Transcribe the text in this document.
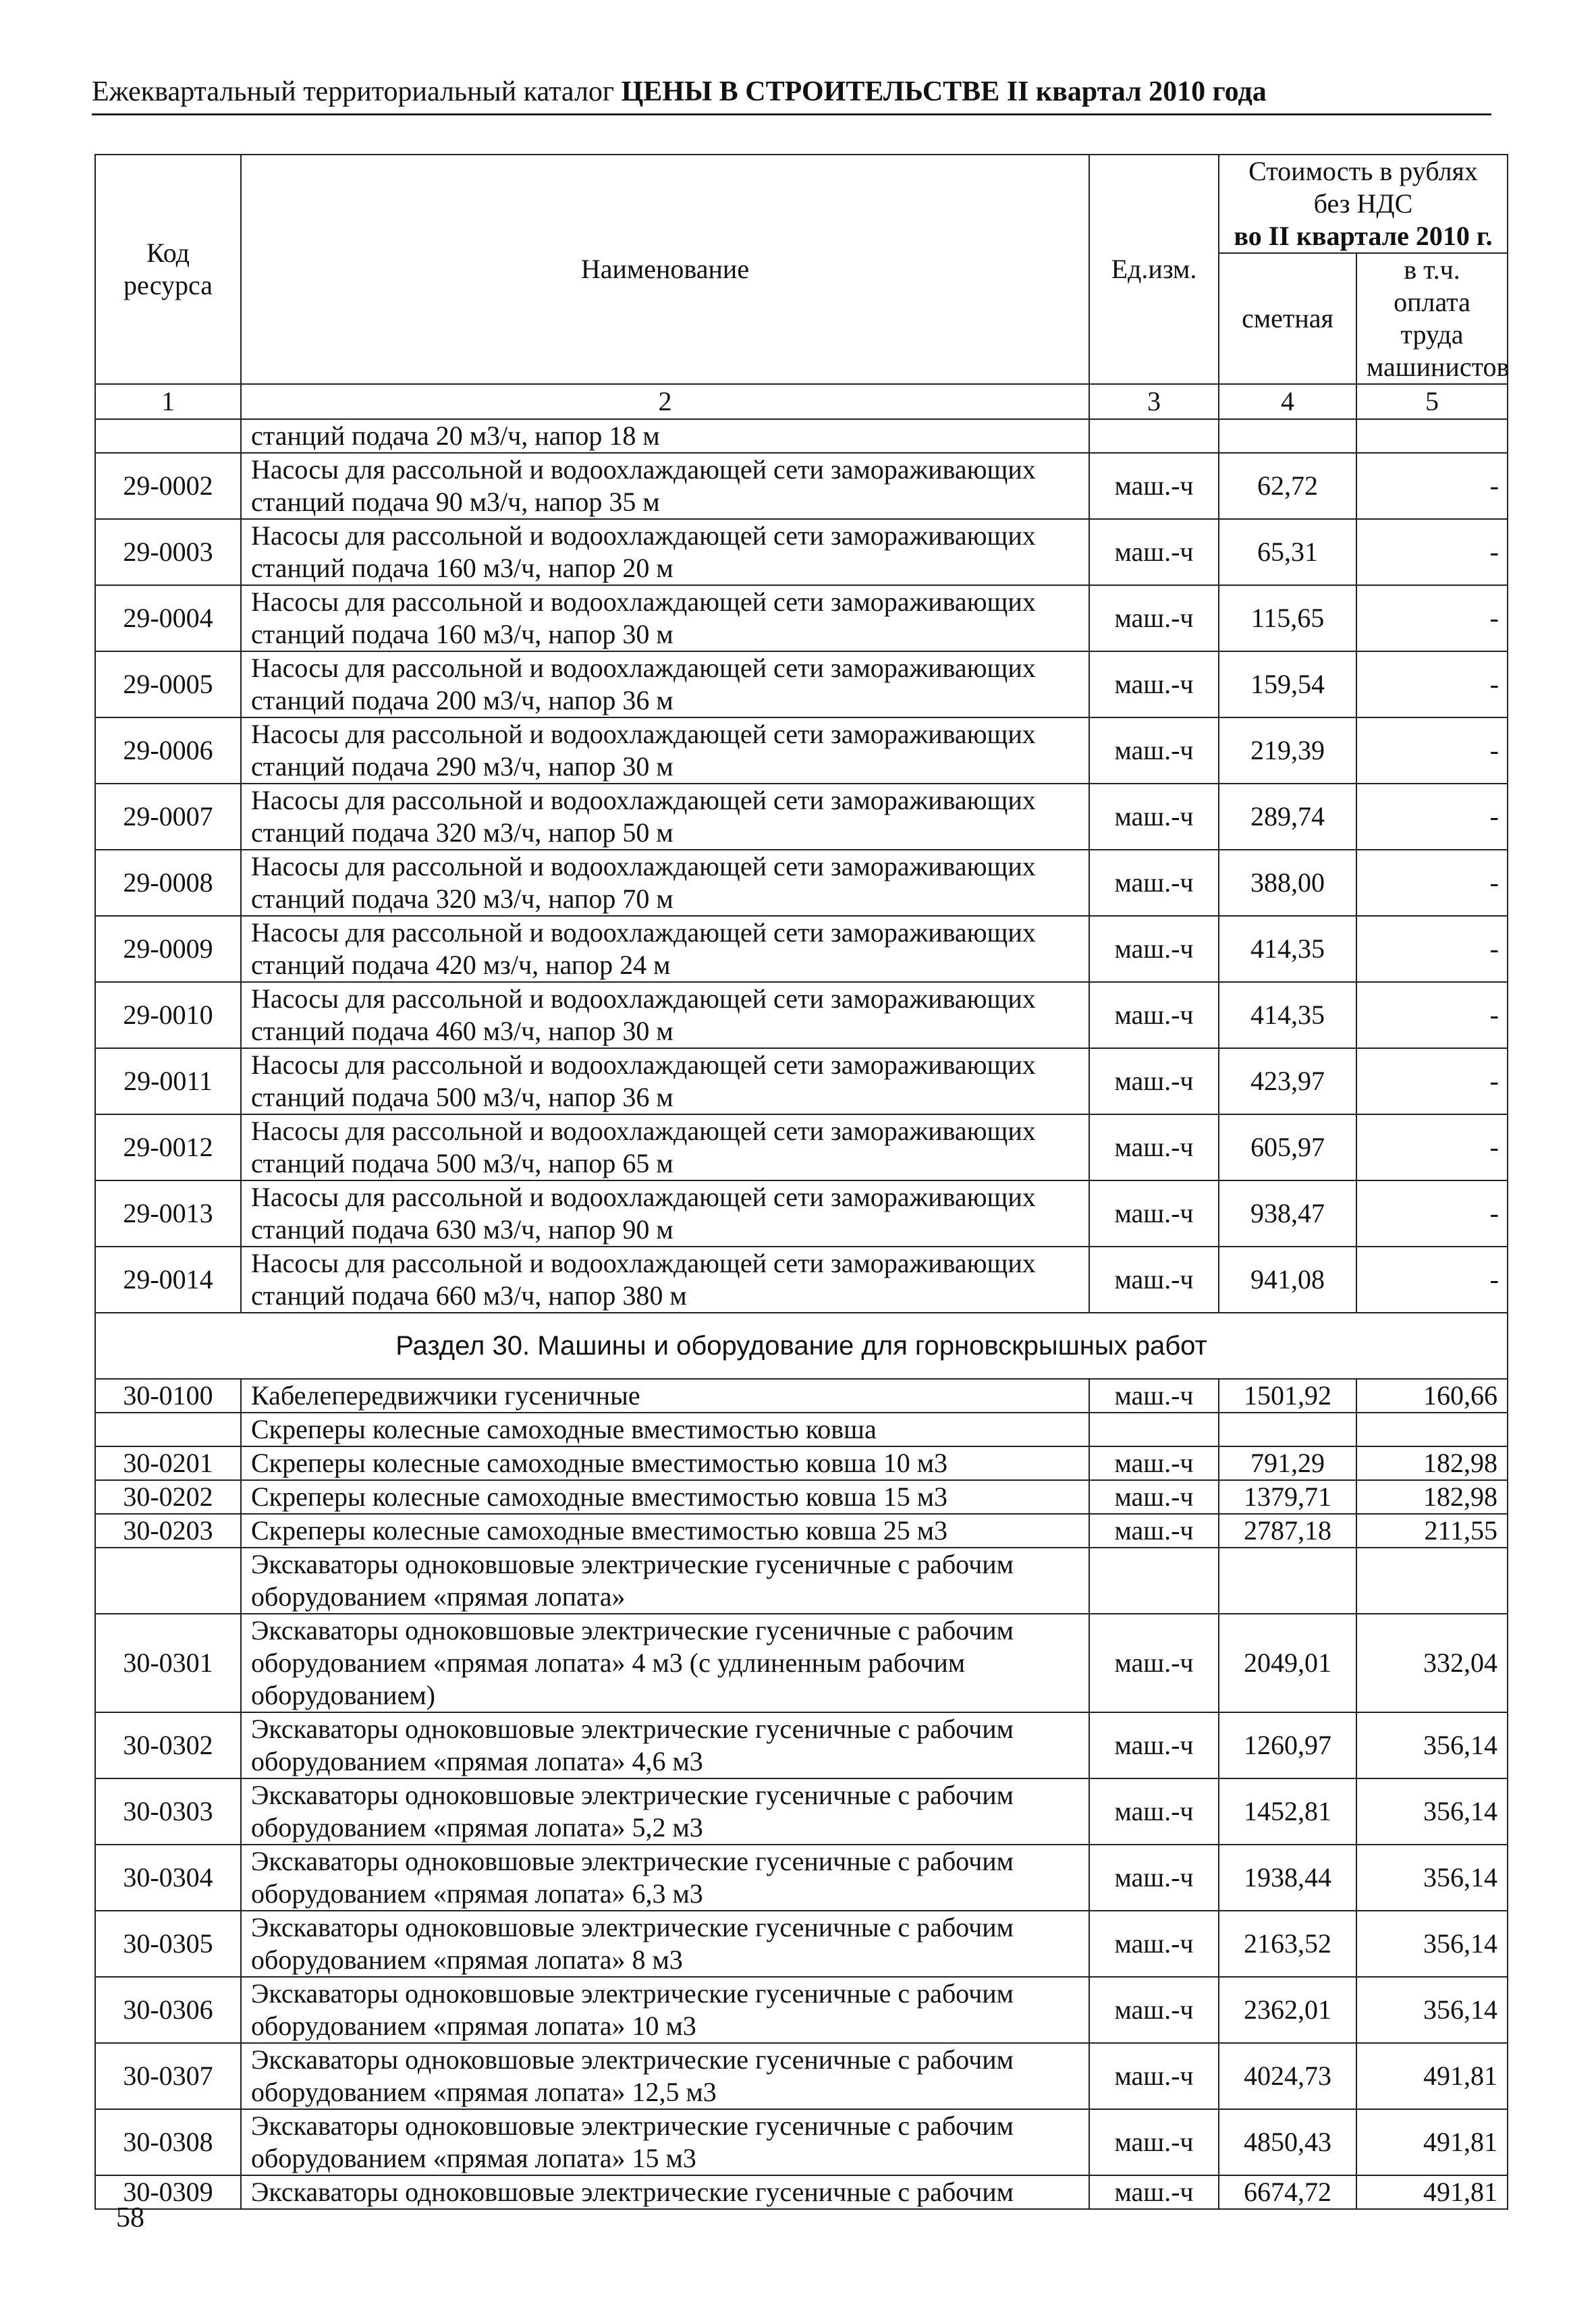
Ежеквартальный территориальный каталог ЦЕНЫ В СТРОИТЕЛЬСТВЕ II квартал 2010 года
Код ресурса	Наименование	Ед.изм.	Стоимость в рублях без НДС
во II квартале 2010 г.	

			сметная	в т.ч. оплата труда машинистов
1	2	3	4	5
	станций подача 20 м3/ч, напор 18 м			
29-0002	Насосы для рассольной и водоохлаждающей сети замораживающих станций подача 90 м3/ч, напор 35 м	маш.-ч	62,72	-
29-0003	Насосы для рассольной и водоохлаждающей сети замораживающих станций подача 160 м3/ч, напор 20 м	маш.-ч	65,31	-
29-0004	Насосы для рассольной и водоохлаждающей сети замораживающих станций подача 160 м3/ч, напор 30 м	маш.-ч	115,65	-
29-0005	Насосы для рассольной и водоохлаждающей сети замораживающих станций подача 200 м3/ч, напор 36 м	маш.-ч	159,54	-
29-0006	Насосы для рассольной и водоохлаждающей сети замораживающих станций подача 290 м3/ч, напор 30 м	маш.-ч	219,39	-
29-0007	Насосы для рассольной и водоохлаждающей сети замораживающих станций подача 320 м3/ч, напор 50 м	маш.-ч	289,74	-
29-0008	Насосы для рассольной и водоохлаждающей сети замораживающих станций подача 320 м3/ч, напор 70 м	маш.-ч	388,00	-
29-0009	Насосы для рассольной и водоохлаждающей сети замораживающих станций подача 420 мз/ч, напор 24 м	маш.-ч	414,35	-
29-0010	Насосы для рассольной и водоохлаждающей сети замораживающих станций подача 460 м3/ч, напор 30 м	маш.-ч	414,35	-
29-0011	Насосы для рассольной и водоохлаждающей сети замораживающих станций подача 500 м3/ч, напор 36 м	маш.-ч	423,97	-
29-0012	Насосы для рассольной и водоохлаждающей сети замораживающих станций подача 500 м3/ч, напор 65 м	маш.-ч	605,97	-
29-0013	Насосы для рассольной и водоохлаждающей сети замораживающих станций подача 630 м3/ч, напор 90 м	маш.-ч	938,47	-
29-0014	Насосы для рассольной и водоохлаждающей сети замораживающих станций подача 660 м3/ч, напор 380 м	маш.-ч	941,08	-
Раздел 30. Машины и оборудование для горновскрышных работ				
30-0100	Кабелепередвижчики гусеничные	маш.-ч	1501,92	160,66
	Скреперы колесные самоходные вместимостью ковша			
30-0201	Скреперы колесные самоходные вместимостью ковша 10 м3	маш.-ч	791,29	182,98
30-0202	Скреперы колесные самоходные вместимостью ковша 15 м3	маш.-ч	1379,71	182,98
30-0203	Скреперы колесные самоходные вместимостью ковша 25 м3	маш.-ч	2787,18	211,55
	Экскаваторы одноковшовые электрические гусеничные с рабочим оборудованием «прямая лопата»			
30-0301	Экскаваторы одноковшовые электрические гусеничные с рабочим оборудованием «прямая лопата» 4 м3 (с удлиненным рабочим оборудованием)	маш.-ч	2049,01	332,04
30-0302	Экскаваторы одноковшовые электрические гусеничные с рабочим оборудованием «прямая лопата» 4,6 м3	маш.-ч	1260,97	356,14
30-0303	Экскаваторы одноковшовые электрические гусеничные с рабочим оборудованием «прямая лопата» 5,2 м3	маш.-ч	1452,81	356,14
30-0304	Экскаваторы одноковшовые электрические гусеничные с рабочим оборудованием «прямая лопата» 6,3 м3	маш.-ч	1938,44	356,14
30-0305	Экскаваторы одноковшовые электрические гусеничные с рабочим оборудованием «прямая лопата» 8 м3	маш.-ч	2163,52	356,14
30-0306	Экскаваторы одноковшовые электрические гусеничные с рабочим оборудованием «прямая лопата» 10 м3	маш.-ч	2362,01	356,14
30-0307	Экскаваторы одноковшовые электрические гусеничные с рабочим оборудованием «прямая лопата» 12,5 м3	маш.-ч	4024,73	491,81
30-0308	Экскаваторы одноковшовые электрические гусеничные с рабочим оборудованием «прямая лопата» 15 м3	маш.-ч	4850,43	491,81
30-0309	Экскаваторы одноковшовые электрические гусеничные с рабочим	маш.-ч	6674,72	491,81
58
